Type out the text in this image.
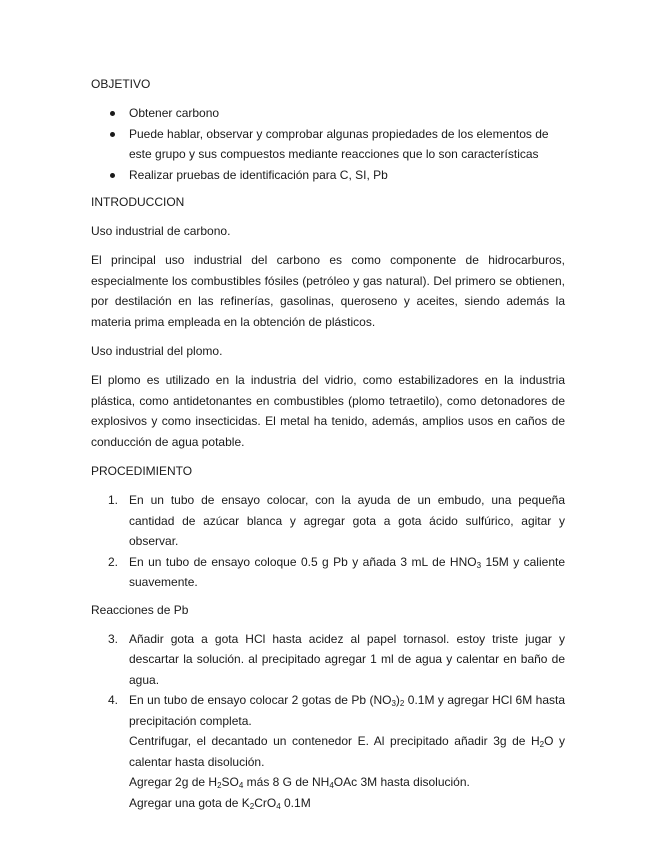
OBJETIVO
Obtener carbono
Puede hablar, observar y comprobar algunas propiedades de los elementos de este grupo y sus compuestos mediante reacciones que lo son características
Realizar pruebas de identificación para C, SI, Pb
INTRODUCCION
Uso industrial de carbono.

El principal uso industrial del carbono es como componente de hidrocarburos, especialmente los combustibles fósiles (petróleo y gas natural). Del primero se obtienen, por destilación en las refinerías, gasolinas, queroseno y aceites, siendo además la materia prima empleada en la obtención de plásticos.

Uso industrial del plomo.

El plomo es utilizado en la industria del vidrio, como estabilizadores en la industria plástica, como antidetonantes en combustibles (plomo tetraetilo), como detonadores de explosivos y como insecticidas. El metal ha tenido, además, amplios usos en caños de conducción de agua potable.

PROCEDIMIENTO
1. En un tubo de ensayo colocar, con la ayuda de un embudo, una pequeña cantidad de azúcar blanca y agregar gota a gota ácido sulfúrico, agitar y observar.
2. En un tubo de ensayo coloque 0.5 g Pb y añada 3 mL de $HNO_3$ 15M y caliente suavemente.
Reacciones de Pb
3. Añadir gota a gota HCl hasta acidez al papel tornasol. estoy triste jugar y descartar la solución. al precipitado agregar 1 ml de agua y calentar en baño de agua.
4. En un tubo de ensayo colocar 2 gotas de Pb $(NO_3)_2$ 0.1M y agregar HCl 6M hasta precipitación completa.
Centrifugar, el decantado un contenedor E. Al precipitado añadir 3g de $H_2O$ y calentar hasta disolución.
Agregar 2g de $H_2SO_4$ más 8 G de $NH_4OAc$ 3M hasta disolución.
Agregar una gota de $K_2CrO_4$ 0.1M
